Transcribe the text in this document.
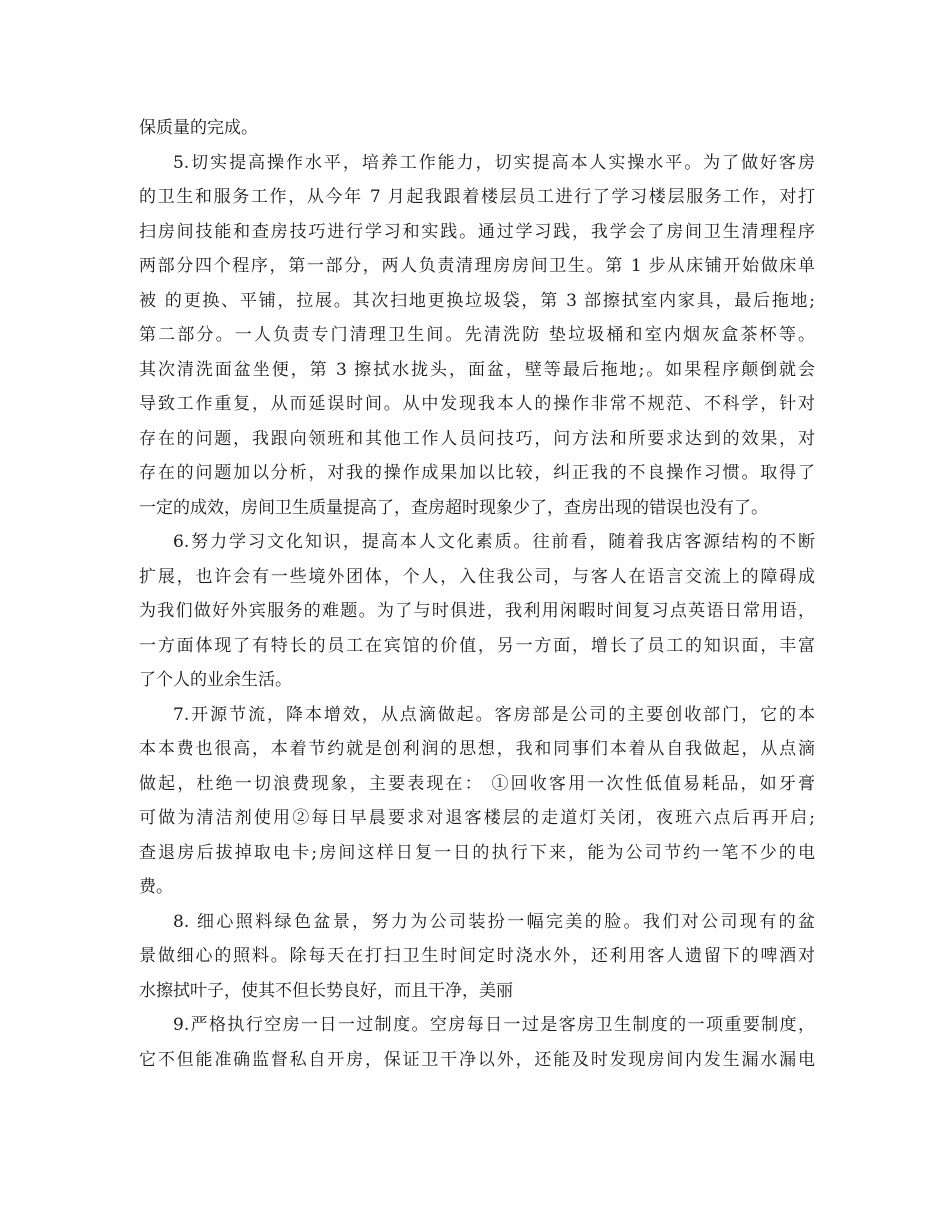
保质量的完成。
5.切实提高操作水平，培养工作能力，切实提高本人实操水平。为了做好客房
的卫生和服务工作，从今年 7 月起我跟着楼层员工进行了学习楼层服务工作，对打
扫房间技能和查房技巧进行学习和实践。通过学习践，我学会了房间卫生清理程序
两部分四个程序，第一部分，两人负责清理房房间卫生。第 1 步从床铺开始做床单
被 的更换、平铺，拉展。其次扫地更换垃圾袋，第 3 部擦拭室内家具，最后拖地;
第二部分。一人负责专门清理卫生间。先清洗防 垫垃圾桶和室内烟灰盒茶杯等。
其次清洗面盆坐便，第 3 擦拭水拢头，面盆，壁等最后拖地;。如果程序颠倒就会
导致工作重复，从而延误时间。从中发现我本人的操作非常不规范、不科学，针对
存在的问题，我跟向领班和其他工作人员问技巧，问方法和所要求达到的效果，对
存在的问题加以分析，对我的操作成果加以比较，纠正我的不良操作习惯。取得了
一定的成效，房间卫生质量提高了，查房超时现象少了，查房出现的错误也没有了。
6.努力学习文化知识，提高本人文化素质。往前看，随着我店客源结构的不断
扩展，也许会有一些境外团体，个人，入住我公司，与客人在语言交流上的障碍成
为我们做好外宾服务的难题。为了与时俱进，我利用闲暇时间复习点英语日常用语，
一方面体现了有特长的员工在宾馆的价值，另一方面，增长了员工的知识面，丰富
了个人的业余生活。
7.开源节流，降本增效，从点滴做起。客房部是公司的主要创收部门，它的本
本本费也很高，本着节约就是创利润的思想，我和同事们本着从自我做起，从点滴
做起，杜绝一切浪费现象，主要表现在： ①回收客用一次性低值易耗品，如牙膏
可做为清洁剂使用②每日早晨要求对退客楼层的走道灯关闭，夜班六点后再开启;
查退房后拔掉取电卡;房间这样日复一日的执行下来，能为公司节约一笔不少的电
费。
8. 细心照料绿色盆景，努力为公司装扮一幅完美的脸。我们对公司现有的盆
景做细心的照料。除每天在打扫卫生时间定时浇水外，还利用客人遗留下的啤酒对
水擦拭叶子，使其不但长势良好，而且干净，美丽
9.严格执行空房一日一过制度。空房每日一过是客房卫生制度的一项重要制度，
它不但能准确监督私自开房，保证卫干净以外，还能及时发现房间内发生漏水漏电
